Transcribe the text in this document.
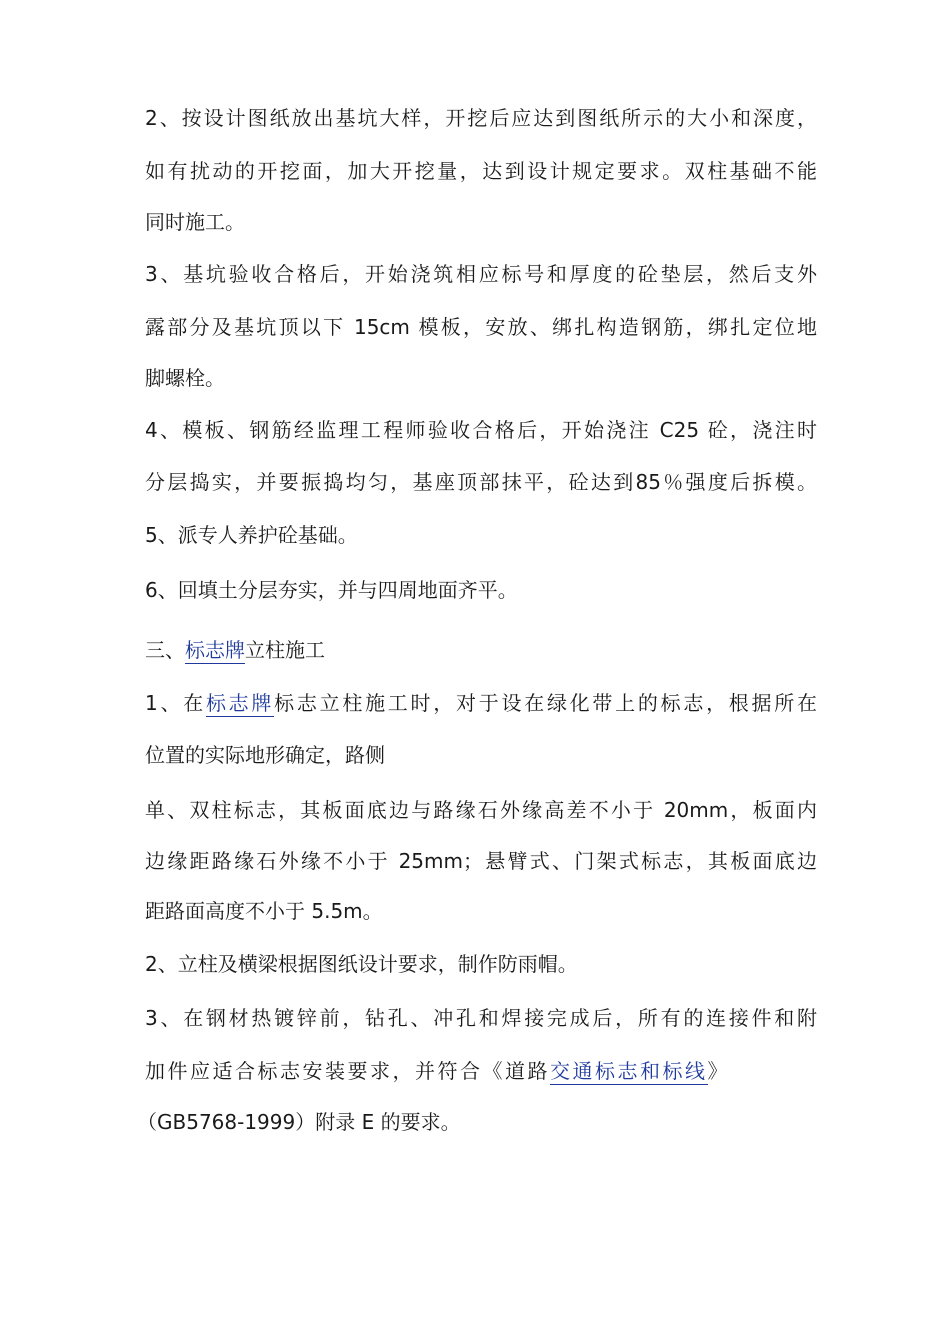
2、按设计图纸放出基坑大样，开挖后应达到图纸所示的大小和深度，
如有扰动的开挖面，加大开挖量，达到设计规定要求。双柱基础不能
同时施工。
3、基坑验收合格后，开始浇筑相应标号和厚度的砼垫层，然后支外
露部分及基坑顶以下 15cm 模板，安放、绑扎构造钢筋，绑扎定位地
脚螺栓。
4、模板、钢筋经监理工程师验收合格后，开始浇注 C25 砼，浇注时
分层捣实，并要振捣均匀，基座顶部抹平，砼达到85％强度后拆模。
5、派专人养护砼基础。
6、回填土分层夯实，并与四周地面齐平。
三、标志牌立柱施工
1、在标志牌标志立柱施工时，对于设在绿化带上的标志，根据所在
位置的实际地形确定，路侧
单、双柱标志，其板面底边与路缘石外缘高差不小于 20mm，板面内
边缘距路缘石外缘不小于 25mm；悬臂式、门架式标志，其板面底边
距路面高度不小于 5.5m。
2、立柱及横梁根据图纸设计要求，制作防雨帽。
3、在钢材热镀锌前，钻孔、冲孔和焊接完成后，所有的连接件和附
加件应适合标志安装要求，并符合《道路交通标志和标线》
（GB5768-1999）附录 E 的要求。
